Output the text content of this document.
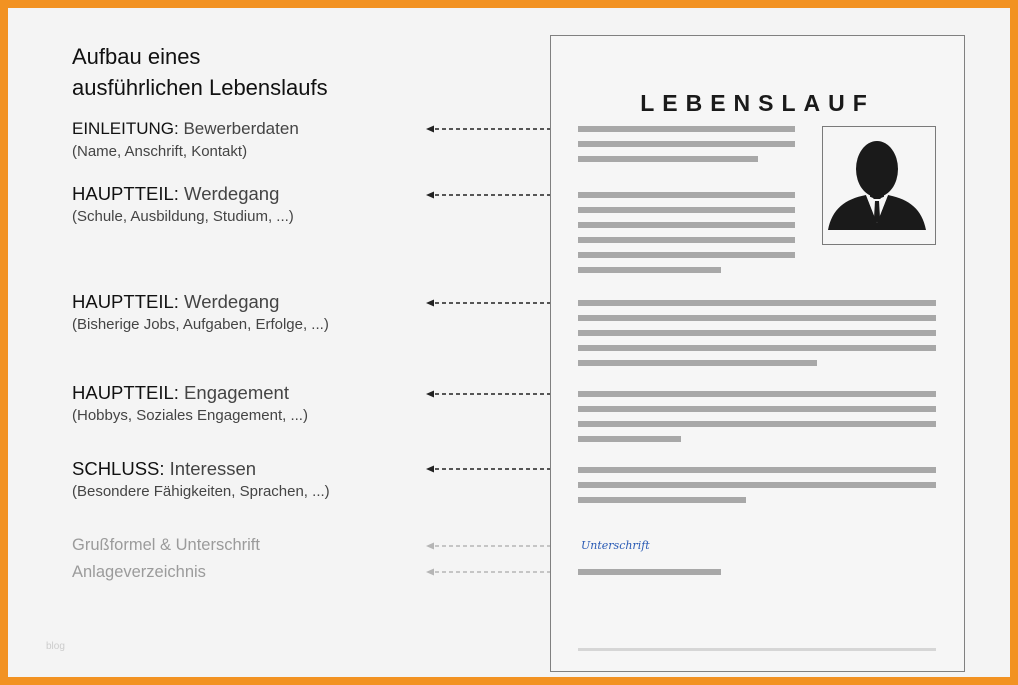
Aufbau eines
ausführlichen Lebenslaufs
EINLEITUNG: Bewerberdaten
(Name, Anschrift, Kontakt)
HAUPTTEIL: Werdegang
(Schule, Ausbildung, Studium, ...)
HAUPTTEIL: Werdegang
(Bisherige Jobs, Aufgaben, Erfolge, ...)
HAUPTTEIL: Engagement
(Hobbys, Soziales Engagement, ...)
SCHLUSS: Interessen
(Besondere Fähigkeiten, Sprachen, ...)
Grußformel & Unterschrift
Anlageverzeichnis
LEBENSLAUF
Unterschrift
blog
